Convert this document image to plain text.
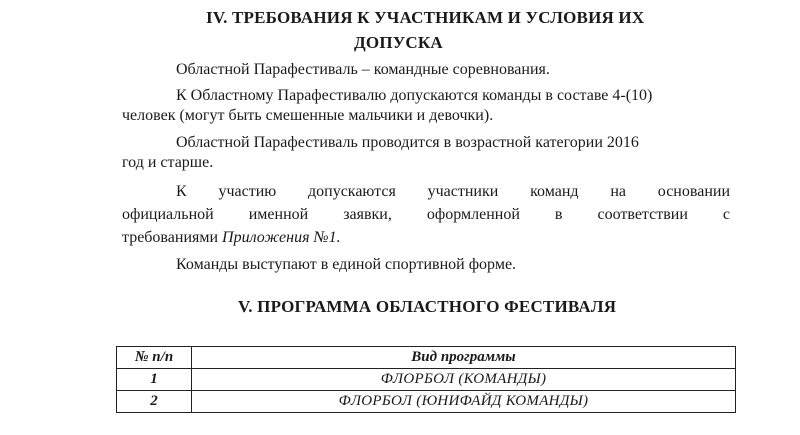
IV. ТРЕБОВАНИЯ К УЧАСТНИКАМ И УСЛОВИЯ ИХ
ДОПУСКА
Областной Парафестиваль – командные соревнования.
К Областному Парафестивалю допускаются команды в составе 4-(10)
человек (могут быть смешенные мальчики и девочки).
Областной Парафестиваль проводится в возрастной категории 2016
год и старше.
К участию допускаются участники команд на основании
официальной именной заявки, оформленной в соответствии с
требованиями Приложения №1.
Команды выступают в единой спортивной форме.
V. ПРОГРАММА ОБЛАСТНОГО ФЕСТИВАЛЯ
№ п/п	Вид программы
1	ФЛОРБОЛ (КОМАНДЫ)
2	ФЛОРБОЛ (ЮНИФАЙД КОМАНДЫ)
